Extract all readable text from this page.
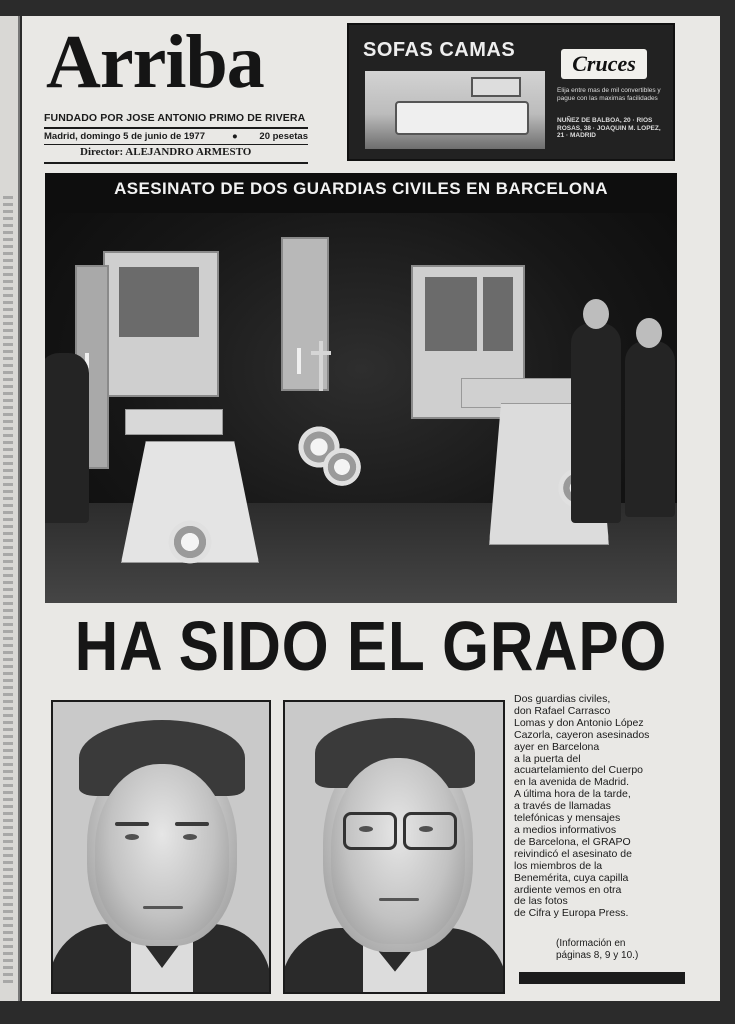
Arriba
FUNDADO POR JOSE ANTONIO PRIMO DE RIVERA
Madrid, domingo 5 de junio de 1977	● 20 pesetas
Director: ALEJANDRO ARMESTO
SOFAS CAMAS
Cruces
Elija entre mas de mil convertibles y pague con las maximas facilidades
NUÑEZ DE BALBOA, 20 · RIOS ROSAS, 38 · JOAQUIN M. LOPEZ, 21 · MADRID
ASESINATO DE DOS GUARDIAS CIVILES EN BARCELONA
HA SIDO EL GRAPO
Dos guardias civiles,
don Rafael Carrasco
Lomas y don Antonio López
Cazorla, cayeron asesinados
ayer en Barcelona
a la puerta del
acuartelamiento del Cuerpo
en la avenida de Madrid.
A última hora de la tarde,
a través de llamadas
telefónicas y mensajes
a medios informativos
de Barcelona, el GRAPO
reivindicó el asesinato de
los miembros de la
Benemérita, cuya capilla
ardiente vemos en otra
de las fotos
de Cifra y Europa Press.
(Información en
páginas 8, 9 y 10.)
